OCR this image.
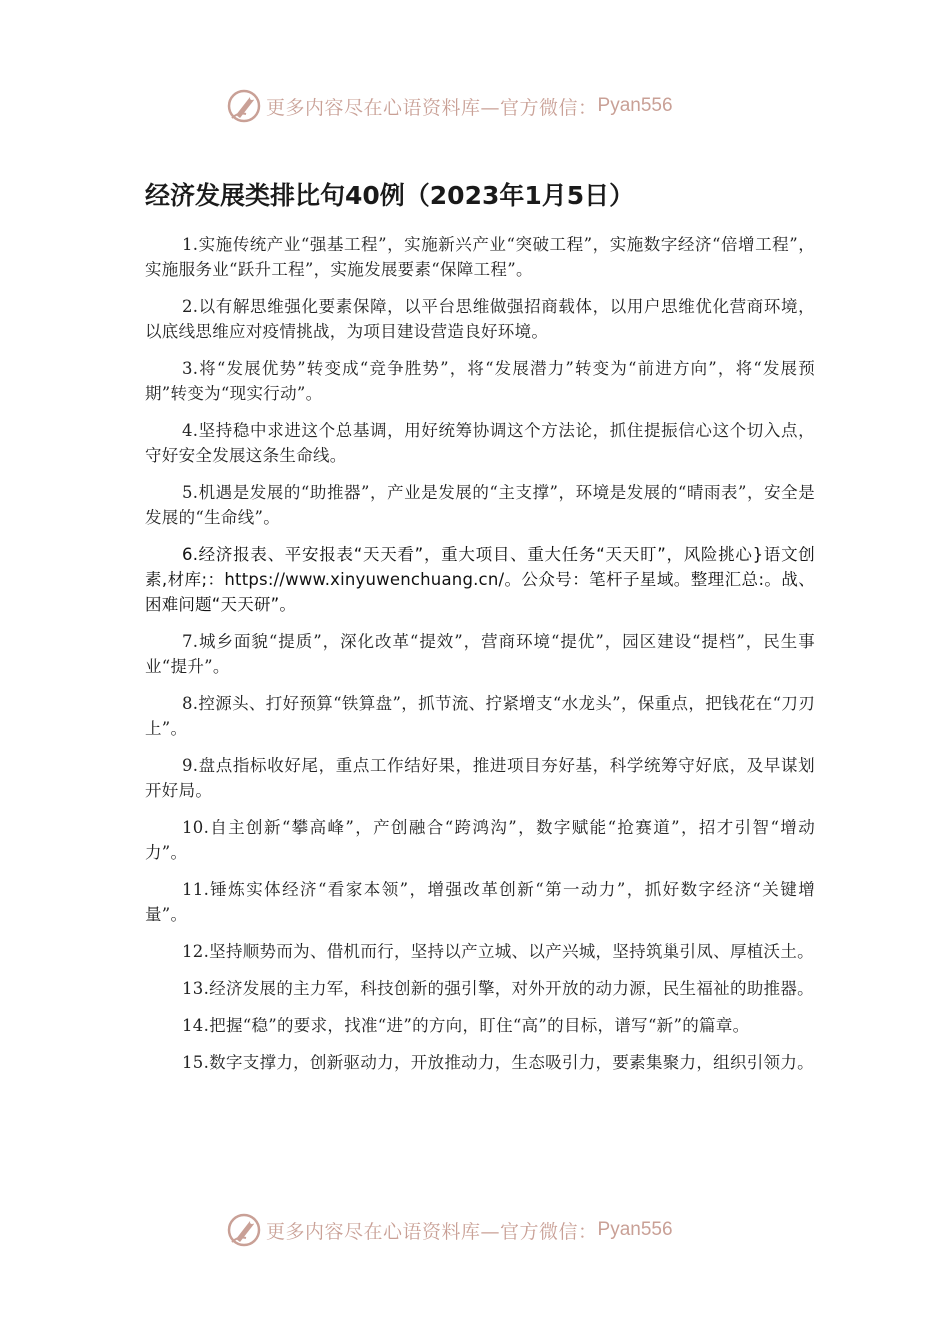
更多内容尽在心语资料库—官方微信： Pyan556
经济发展类排比句40例（2023年1月5日）

1.实施传统产业“强基工程”，实施新兴产业“突破工程”，实施数字经济“倍增工程”，实施服务业“跃升工程”，实施发展要素“保障工程”。

2.以有解思维强化要素保障，以平台思维做强招商载体，以用户思维优化营商环境，以底线思维应对疫情挑战，为项目建设营造良好环境。

3.将“发展优势”转变成“竞争胜势”，将“发展潜力”转变为“前进方向”，将“发展预期”转变为“现实行动”。

4.坚持稳中求进这个总基调，用好统筹协调这个方法论，抓住提振信心这个切入点，守好安全发展这条生命线。

5.机遇是发展的“助推器”，产业是发展的“主支撑”，环境是发展的“晴雨表”，安全是发展的“生命线”。

6.经济报表、平安报表“天天看”，重大项目、重大任务“天天盯”，风险挑心}语文创素,材库;：https://www.xinyuwenchuang.cn/。公众号：笔杆子星域。整理汇总:。战、困难问题“天天研”。

7.城乡面貌“提质”，深化改革“提效”，营商环境“提优”，园区建设“提档”，民生事业“提升”。

8.控源头、打好预算“铁算盘”，抓节流、拧紧增支“水龙头”，保重点，把钱花在“刀刃上”。

9.盘点指标收好尾，重点工作结好果，推进项目夯好基，科学统筹守好底，及早谋划开好局。

10.自主创新“攀高峰”，产创融合“跨鸿沟”，数字赋能“抢赛道”，招才引智“增动力”。

11.锤炼实体经济“看家本领”，增强改革创新“第一动力”，抓好数字经济“关键增量”。

12.坚持顺势而为、借机而行，坚持以产立城、以产兴城，坚持筑巢引凤、厚植沃土。

13.经济发展的主力军，科技创新的强引擎，对外开放的动力源，民生福祉的助推器。

14.把握“稳”的要求，找准“进”的方向，盯住“高”的目标，谱写“新”的篇章。

15.数字支撑力，创新驱动力，开放推动力，生态吸引力，要素集聚力，组织引领力。

更多内容尽在心语资料库—官方微信： Pyan556
